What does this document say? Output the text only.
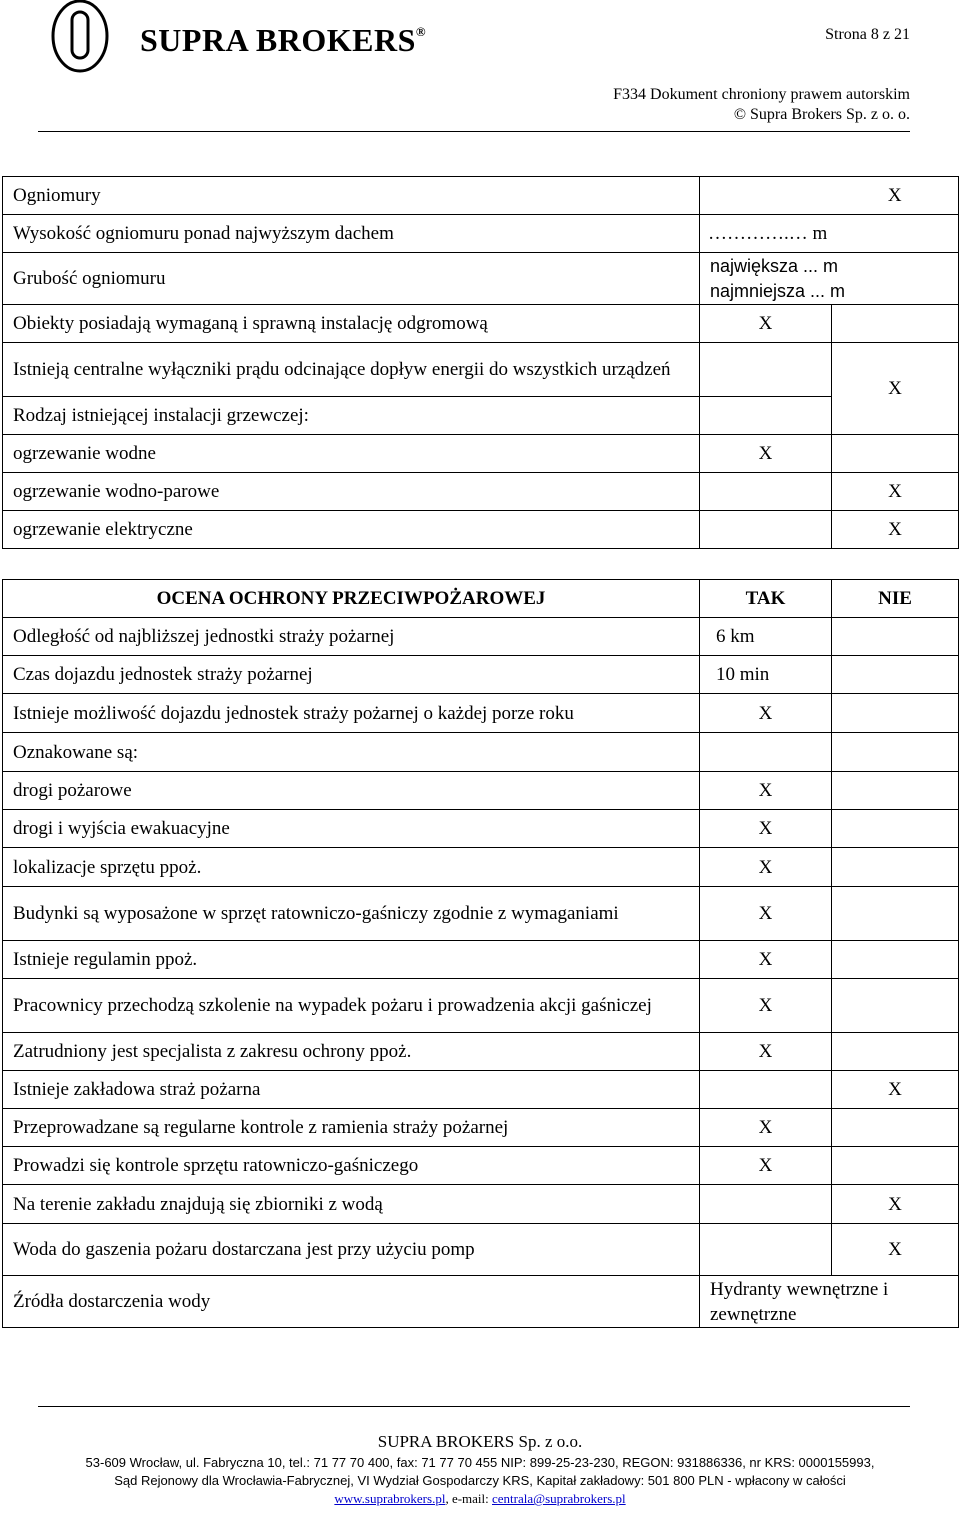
SUPRA BROKERS®	Strona 8 z 21
F334 Dokument chroniony prawem autorskim
© Supra Brokers Sp. z o. o.
Ogniomury		X
Wysokość ogniomuru ponad najwyższym dachem	………….… m	
Grubość ogniomuru	największa ... m
najmniejsza ... m	

Obiekty posiadają wymaganą i sprawną instalację odgromową	X	
Istnieją centralne wyłączniki prądu odcinające dopływ energii do wszystkich urządzeń		X
Rodzaj istniejącej instalacji grzewczej:		
ogrzewanie wodne	X	
ogrzewanie wodno-parowe		X
ogrzewanie elektryczne		X
OCENA OCHRONY PRZECIWPOŻAROWEJ	TAK	NIE
Odległość od najbliższej jednostki straży pożarnej	6 km	
Czas dojazdu jednostek straży pożarnej	10 min	
Istnieje możliwość dojazdu jednostek straży pożarnej o każdej porze roku	X	
Oznakowane są:		
drogi pożarowe	X	
drogi i wyjścia ewakuacyjne	X	
lokalizacje sprzętu ppoż.	X	
Budynki są wyposażone w sprzęt ratowniczo-gaśniczy zgodnie z wymaganiami	X	
Istnieje regulamin ppoż.	X	
Pracownicy przechodzą szkolenie na wypadek pożaru i prowadzenia akcji gaśniczej	X	
Zatrudniony jest specjalista z zakresu ochrony ppoż.	X	
Istnieje zakładowa straż pożarna		X
Przeprowadzane są regularne kontrole z ramienia straży pożarnej	X	
Prowadzi się kontrole sprzętu ratowniczo-gaśniczego	X	
Na terenie zakładu znajdują się zbiorniki z wodą		X
Woda do gaszenia pożaru dostarczana jest przy użyciu pomp		X
Źródła dostarczenia wody	Hydranty wewnętrzne i zewnętrzne	
SUPRA BROKERS Sp. z o.o.
53-609 Wrocław, ul. Fabryczna 10, tel.: 71 77 70 400, fax: 71 77 70 455 NIP: 899-25-23-230, REGON: 931886336, nr KRS: 0000155993,
Sąd Rejonowy dla Wrocławia-Fabrycznej, VI Wydział Gospodarczy KRS, Kapitał zakładowy: 501 800 PLN - wpłacony w całości
www.suprabrokers.pl, e-mail: centrala@suprabrokers.pl
